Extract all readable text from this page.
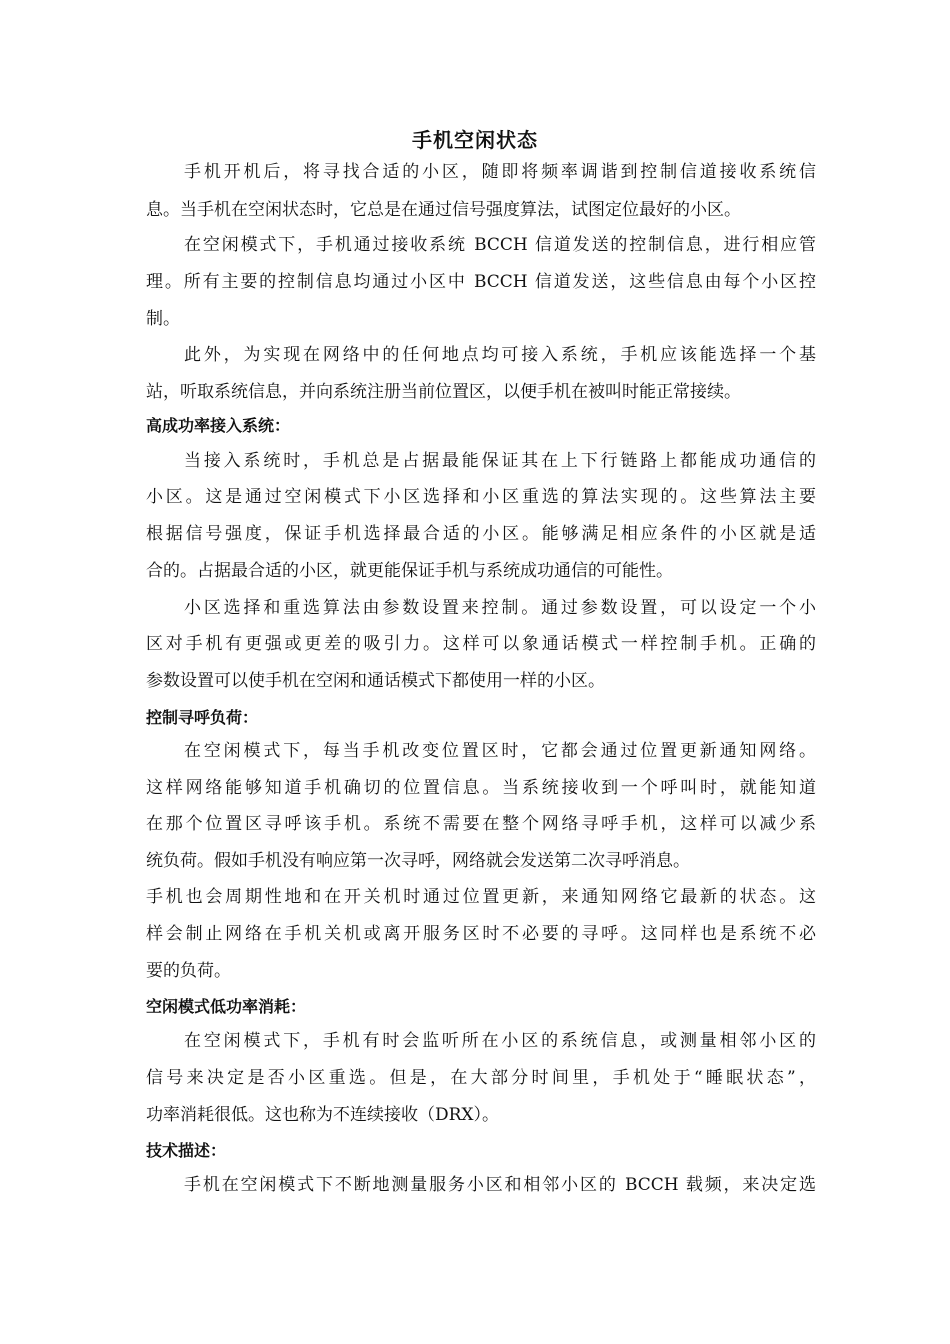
手机空闲状态
手机开机后，将寻找合适的小区，随即将频率调谐到控制信道接收系统信
息。当手机在空闲状态时，它总是在通过信号强度算法，试图定位最好的小区。
在空闲模式下，手机通过接收系统 BCCH 信道发送的控制信息，进行相应管
理。所有主要的控制信息均通过小区中 BCCH 信道发送，这些信息由每个小区控
制。
此外，为实现在网络中的任何地点均可接入系统，手机应该能选择一个基
站，听取系统信息，并向系统注册当前位置区，以便手机在被叫时能正常接续。
高成功率接入系统：
当接入系统时，手机总是占据最能保证其在上下行链路上都能成功通信的
小区。这是通过空闲模式下小区选择和小区重选的算法实现的。这些算法主要
根据信号强度，保证手机选择最合适的小区。能够满足相应条件的小区就是适
合的。占据最合适的小区，就更能保证手机与系统成功通信的可能性。
小区选择和重选算法由参数设置来控制。通过参数设置，可以设定一个小
区对手机有更强或更差的吸引力。这样可以象通话模式一样控制手机。正确的
参数设置可以使手机在空闲和通话模式下都使用一样的小区。
控制寻呼负荷：
在空闲模式下，每当手机改变位置区时，它都会通过位置更新通知网络。
这样网络能够知道手机确切的位置信息。当系统接收到一个呼叫时，就能知道
在那个位置区寻呼该手机。系统不需要在整个网络寻呼手机，这样可以减少系
统负荷。假如手机没有响应第一次寻呼，网络就会发送第二次寻呼消息。
手机也会周期性地和在开关机时通过位置更新，来通知网络它最新的状态。这
样会制止网络在手机关机或离开服务区时不必要的寻呼。这同样也是系统不必
要的负荷。
空闲模式低功率消耗：
在空闲模式下，手机有时会监听所在小区的系统信息，或测量相邻小区的
信号来决定是否小区重选。但是，在大部分时间里，手机处于“睡眠状态”，
功率消耗很低。这也称为不连续接收（DRX）。
技术描述：
手机在空闲模式下不断地测量服务小区和相邻小区的 BCCH 载频，来决定选
